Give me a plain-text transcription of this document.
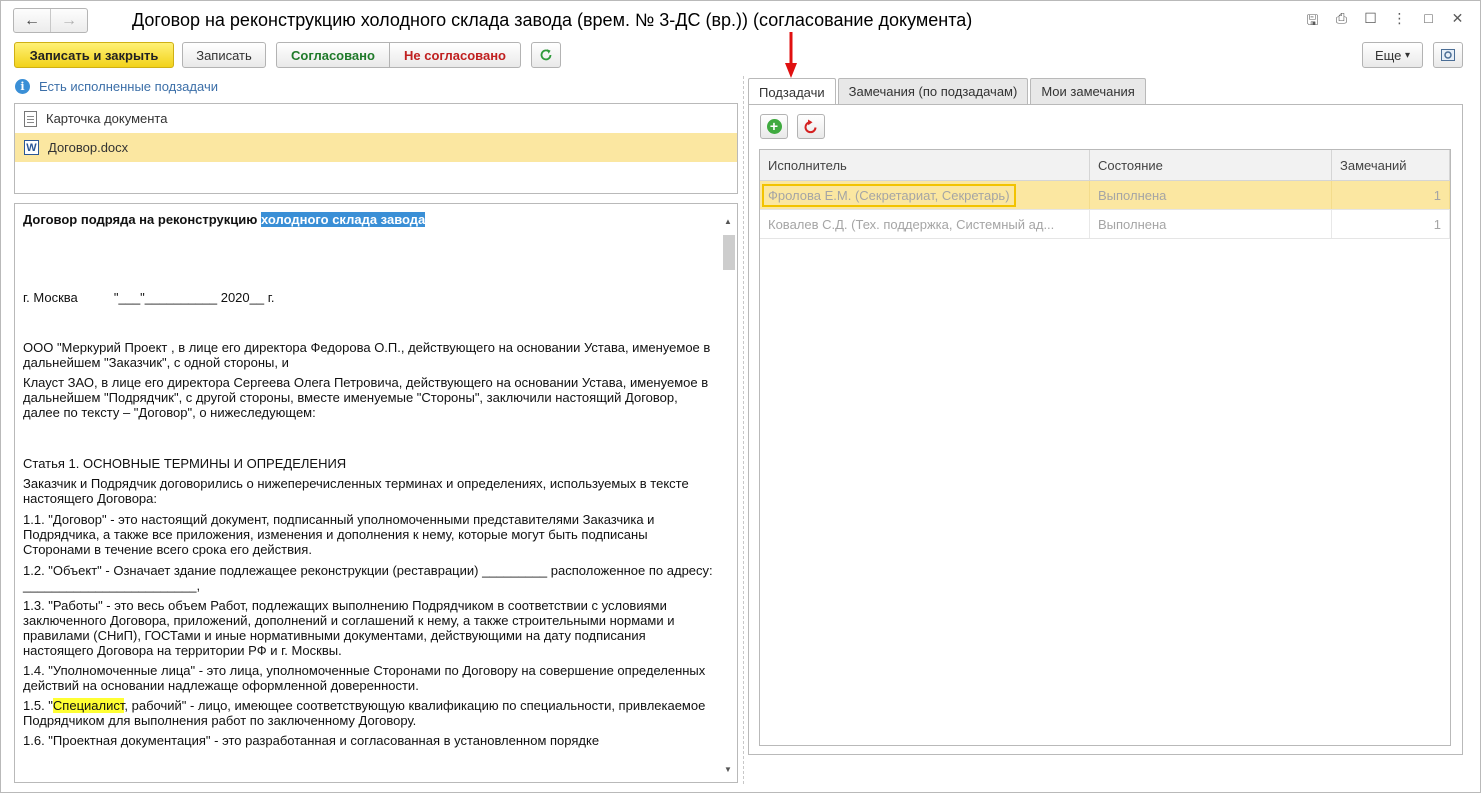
←	→	Договор на реконструкцию холодного склада завода (врем. № 3-ДС (вр.)) (согласование документа)	🖫	⎙	☐	⋮	□	✕
Записать и закрыть	Записать	Согласовано	Не согласовано	Еще
▾
i	Есть исполненные подзадачи
Карточка документа
W Договор.docx

Договор подряда на реконструкцию холодного склада завода

г. Москва          "___"__________ 2020__ г.

ООО "Меркурий Проект , в лице его директора Федорова О.П., действующего на основании Устава, именуемое в дальнейшем "Заказчик", с одной стороны, и

Клауст ЗАО, в лице его директора Сергеева Олега Петровича, действующего на основании Устава, именуемое в дальнейшем "Подрядчик", с другой стороны, вместе именуемые "Стороны", заключили настоящий Договор, далее по тексту – "Договор", о нижеследующем:

Статья 1. ОСНОВНЫЕ ТЕРМИНЫ И ОПРЕДЕЛЕНИЯ

Заказчик и Подрядчик договорились о нижеперечисленных терминах и определениях, используемых в тексте настоящего Договора:

1.1. "Договор" - это настоящий документ, подписанный уполномоченными представителями Заказчика и Подрядчика, а также все приложения, изменения и дополнения к нему, которые могут быть подписаны Сторонами в течение всего срока его действия.

1.2. "Объект" - Означает здание подлежащее реконструкции (реставрации) _________ расположенное по адресу: ________________________,

1.3. "Работы" - это весь объем Работ, подлежащих выполнению Подрядчиком в соответствии с условиями заключенного Договора, приложений, дополнений и соглашений к нему, а также строительными нормами и правилами (СНиП), ГОСТами и иные нормативными документами, действующими на дату подписания настоящего Договора на территории РФ и г. Москвы.

1.4. "Уполномоченные лица" - это лица, уполномоченные Сторонами по Договору на совершение определенных действий на основании надлежаще оформленной доверенности.

1.5. "Специалист, рабочий" - лицо, имеющее соответствующую квалификацию по специальности, привлекаемое Подрядчиком для выполнения работ по заключенному Договору.

1.6. "Проектная документация" - это разработанная и согласованная в установленном порядке

▲
▼
Подзадачи	Замечания (по подзадачам)	Мои замечания
+
Исполнитель	Состояние	Замечаний
Фролова Е.М. (Секретариат, Секретарь)	Выполнена	1
Ковалев С.Д. (Тех. поддержка, Системный ад...	Выполнена	1
